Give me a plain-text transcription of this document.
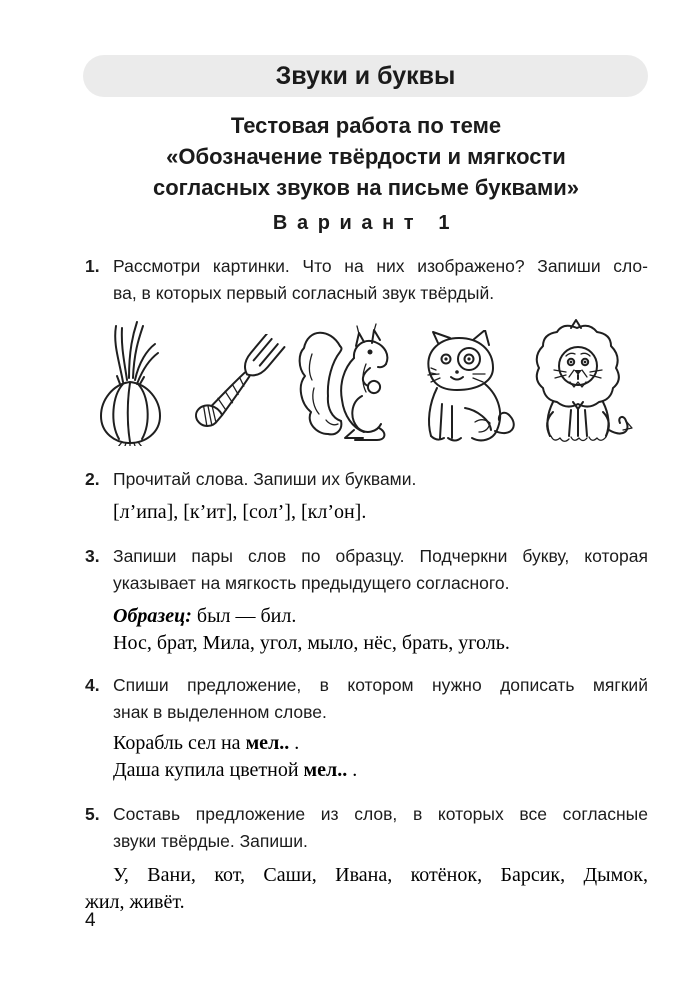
Звуки и буквы
Тестовая работа по теме
«Обозначение твёрдости и мягкости
согласных звуков на письме буквами»
Вариант 1
1. Рассмотри картинки. Что на них изображено? Запиши сло-
ва, в которых первый согласный звук твёрдый.
2. Прочитай слова. Запиши их буквами.
[л’ипа], [к’ит], [сол’], [кл’он].
3. Запиши пары слов по образцу. Подчеркни букву, которая
указывает на мягкость предыдущего согласного.
Образец: был — бил.
Нос, брат, Мила, угол, мыло, нёс, брать, уголь.
4. Спиши предложение, в котором нужно дописать мягкий
знак в выделенном слове.
Корабль сел на мел.. .
Даша купила цветной мел.. .
5. Составь предложение из слов, в которых все согласные
звуки твёрдые. Запиши.
У, Вани, кот, Саши, Ивана, котёнок, Барсик, Дымок,
жил, живёт.
4
